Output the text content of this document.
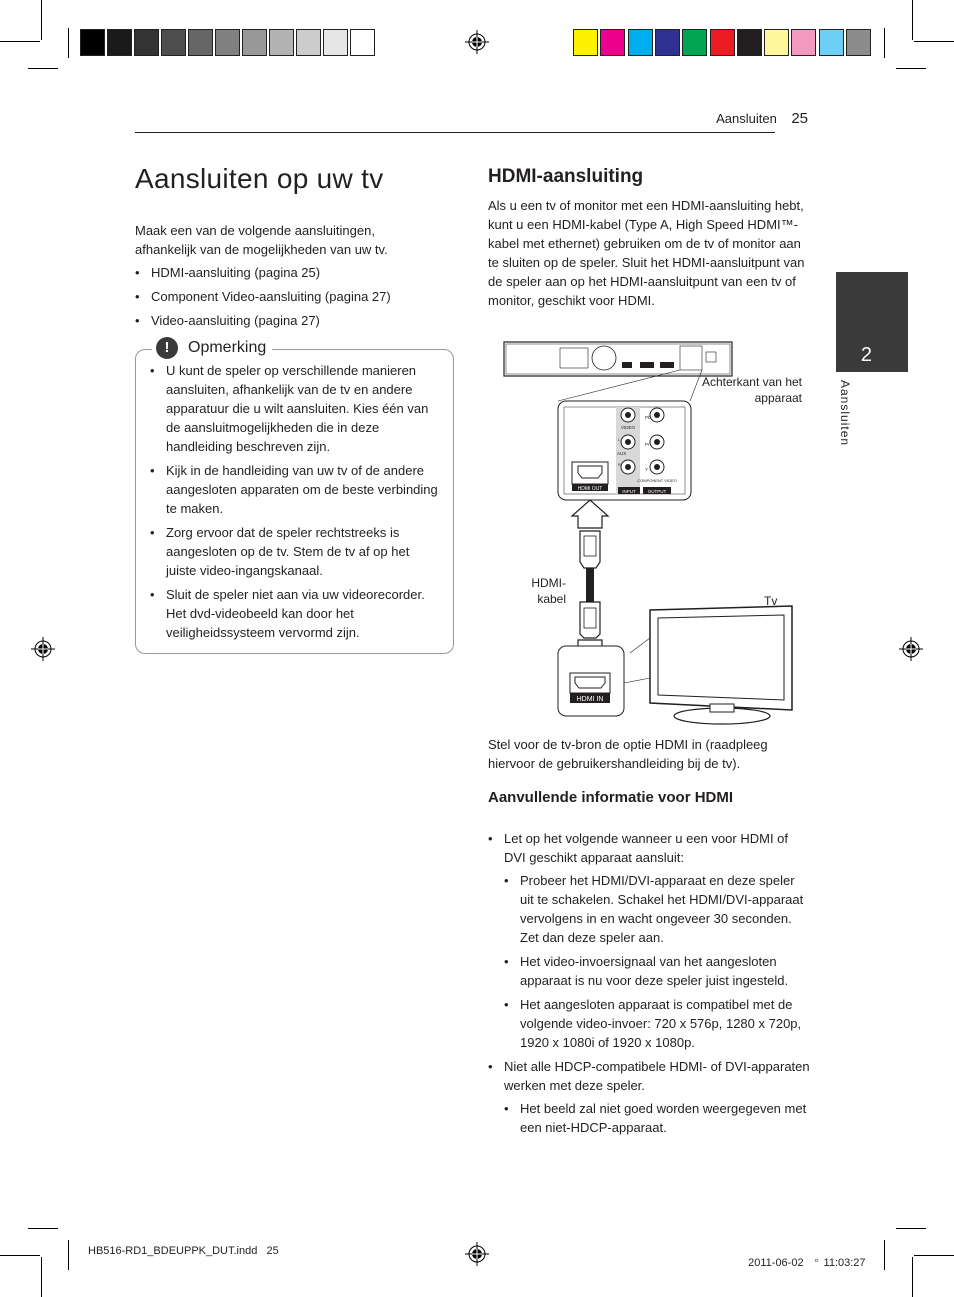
Aansluiten 25
2
Aansluiten
Aansluiten op uw tv
Maak een van de volgende aansluitingen, afhankelijk van de mogelijkheden van uw tv.
• HDMI-aansluiting (pagina 25)
• Component Video-aansluiting (pagina 27)
• Video-aansluiting (pagina 27)
!	Opmerking
• U kunt de speler op verschillende manieren aansluiten, afhankelijk van de tv en andere apparatuur die u wilt aansluiten. Kies één van de aansluitmogelijkheden die in deze handleiding beschreven zijn.
• Kijk in de handleiding van uw tv of de andere aangesloten apparaten om de beste verbinding te maken.
• Zorg ervoor dat de speler rechtstreeks is aangesloten op de tv. Stem de tv af op het juiste video-ingangskanaal.
• Sluit de speler niet aan via uw videorecorder. Het dvd-videobeeld kan door het veiligheidssysteem vervormd zijn.
HDMI-aansluiting
Als u een tv of monitor met een HDMI-aansluiting hebt, kunt u een HDMI-kabel (Type A, High Speed HDMI™-kabel met ethernet) gebruiken om de tv of monitor aan te sluiten op de speler. Sluit het HDMI-aansluitpunt van de speler aan op het HDMI-aansluitpunt van een tv of monitor, geschikt voor HDMI.
VIDEO
Pb
Pr
Y
AUX
L
R
COMPONENT VIDEO
INPUT	OUTPUT
HDMI OUT
HDMI IN
Achterkant van het apparaat
HDMI-kabel	Tv
Stel voor de tv-bron de optie HDMI in (raadpleeg hiervoor de gebruikershandleiding bij de tv).
Aanvullende informatie voor HDMI
• Let op het volgende wanneer u een voor HDMI of DVI geschikt apparaat aansluit:
• Probeer het HDMI/DVI-apparaat en deze speler uit te schakelen. Schakel het HDMI/DVI-apparaat vervolgens in en wacht ongeveer 30 seconden. Zet dan deze speler aan.
• Het video-invoersignaal van het aangesloten apparaat is nu voor deze speler juist ingesteld.
• Het aangesloten apparaat is compatibel met de volgende video-invoer: 720 x 576p, 1280 x 720p, 1920 x 1080i of 1920 x 1080p.
• Niet alle HDCP-compatibele HDMI- of DVI-apparaten werken met deze speler.
• Het beeld zal niet goed worden weergegeven met een niet-HDCP-apparaat.
HB516-RD1_BDEUPPK_DUT.indd   25

2011-06-02   ᄋ 11:03:27
